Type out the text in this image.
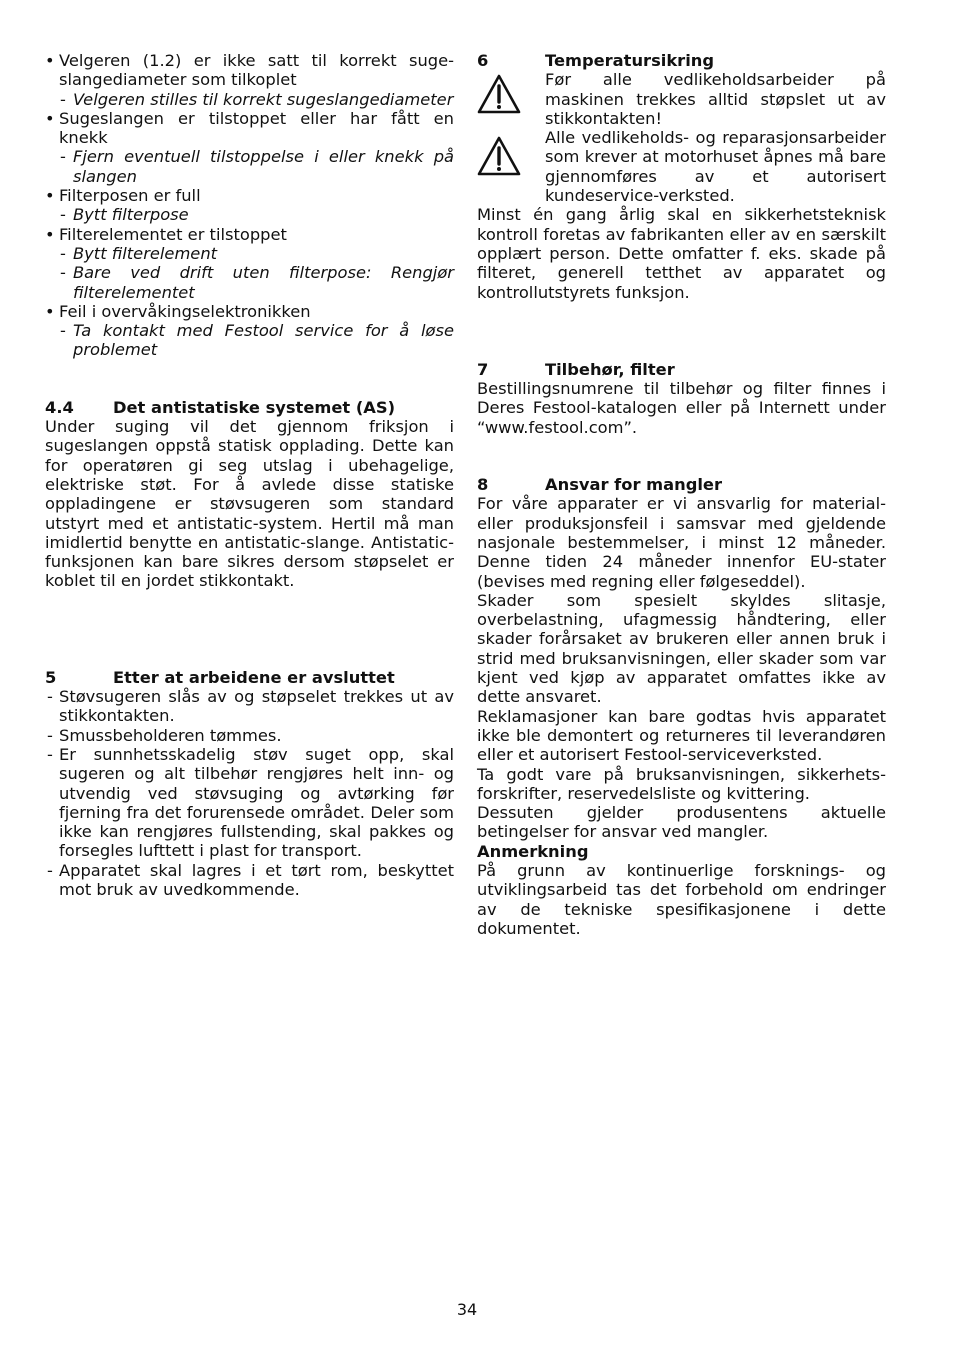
• Velgeren (1.2) er ikke satt til korrekt sugeslangediameter som tilkoplet

- Velgeren stilles til korrekt sugeslangediameter

• Sugeslangen er tilstoppet eller har fått en knekk

- Fjern eventuell tilstoppelse i eller knekk på slangen

• Filterposen er full

- Bytt filterpose

• Filterelementet er tilstoppet

- Bytt filterelement

- Bare ved drift uten filterpose: Rengjør filterelementet

• Feil i overvåkingselektronikken

- Ta kontakt med Festool service for å løse problemet

4.4	Det antistatiske systemet (AS)

Under suging vil det gjennom friksjon i sugeslangen oppstå statisk opplading. Dette kan for operatøren gi seg utslag i ubehagelige, elektriske støt. For å avlede disse statiske oppladingene er støvsugeren som standard utstyrt med et antistatic-system. Hertil må man imidlertid benytte en antistatic-slange. Antistatic-funksjonen kan bare sikres dersom støpselet er koblet til en jordet stikkontakt.

5	Etter at arbeidene er avsluttet

- Støvsugeren slås av og støpselet trekkes ut av stikkontakten.

- Smussbeholderen tømmes.

- Er sunnhetsskadelig støv suget opp, skal sugeren og alt tilbehør rengjøres helt inn- og utvendig ved støvsuging og avtørking før fjerning fra det forurensede området. Deler som ikke kan rengjøres fullstending, skal pakkes og forsegles lufttett i plast for transport.

- Apparatet skal lagres i et tørt rom, beskyttet mot bruk av uvedkommende.

6	Temperatursikring

Før alle vedlikeholdsarbeider på maskinen trekkes alltid støpslet ut av stikkontakten!

Alle vedlikeholds- og reparasjonsarbeider som krever at motorhuset åpnes må bare gjennomføres av et autorisert kundeservice-verksted.

Minst én gang årlig skal en sikkerhetsteknisk kontroll foretas av fabrikanten eller av en særskilt opplært person. Dette omfatter f. eks. skade på filteret, generell tetthet av apparatet og kontrollutstyrets funksjon.

7	Tilbehør, filter

Bestillingsnumrene til tilbehør og filter finnes i Deres Festool-katalogen eller på Internett under “www.festool.com”.

8	Ansvar for mangler

For våre apparater er vi ansvarlig for material- eller produksjonsfeil i samsvar med gjeldende nasjonale bestemmelser, i minst 12 måneder. Denne tiden 24 måneder innenfor EU-stater (bevises med regning eller følgeseddel).

Skader som spesielt skyldes slitasje, overbelastning, ufagmessig håndtering, eller skader forårsaket av brukeren eller annen bruk i strid med bruksanvisningen, eller skader som var kjent ved kjøp av apparatet omfattes ikke av dette ansvaret.

Reklamasjoner kan bare godtas hvis apparatet ikke ble demontert og returneres til leverandøren eller et autorisert Festool-serviceverksted.

Ta godt vare på bruksanvisningen, sikkerhetsforskrifter, reservedelsliste og kvittering.

Dessuten gjelder produsentens aktuelle betingelser for ansvar ved mangler.

Anmerkning

På grunn av kontinuerlige forsknings- og utviklingsarbeid tas det forbehold om endringer av de tekniske spesifikasjonene i dette dokumentet.

34
